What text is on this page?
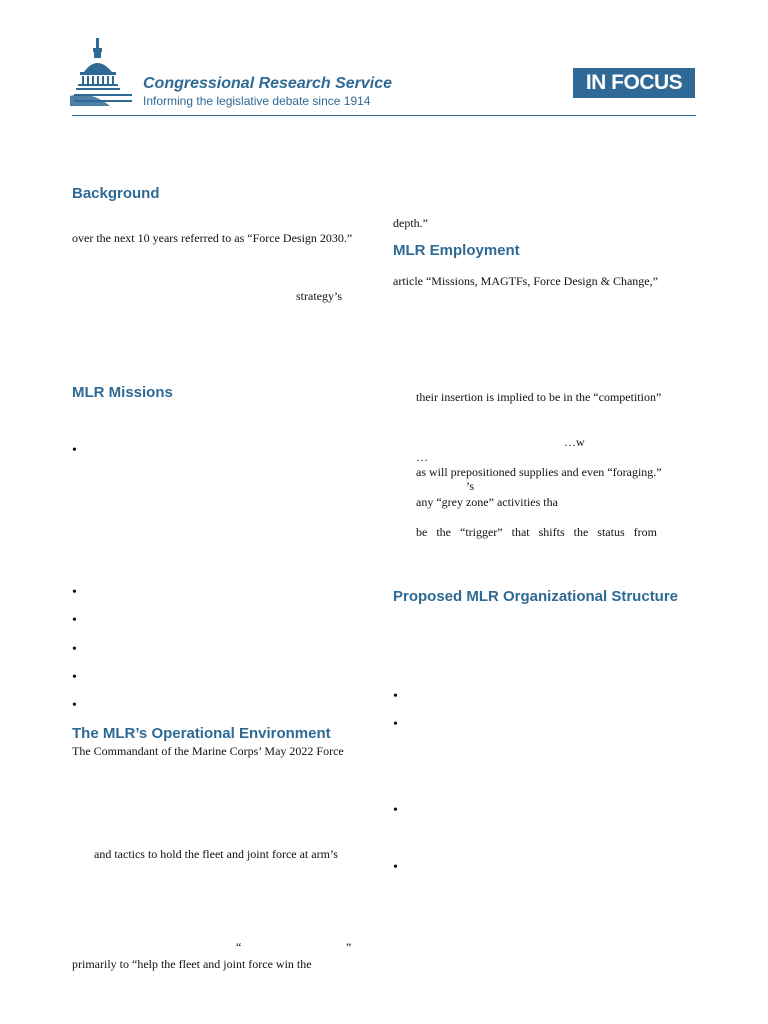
Congressional Research Service
Informing the legislative debate since 1914
IN FOCUS
Background
over the next 10 years referred to as “Force Design 2030.”
strategy’s
MLR Missions
•
•
•
•
•
•
The MLR’s Operational Environment
The Commandant of the Marine Corps’ May 2022 Force
and tactics to hold the fleet and joint force at arm’s
“	”
primarily to “help the fleet and joint force win the
depth.”
MLR Employment
article “Missions, MAGTFs, Force Design & Change,”
their insertion is implied to be in the “competition”
…w
…
as will prepositioned supplies and even “foraging.”
’s
any “grey zone” activities tha
be   the   “trigger”   that   shifts   the   status   from
Proposed MLR Organizational Structure
•
•
•
•
